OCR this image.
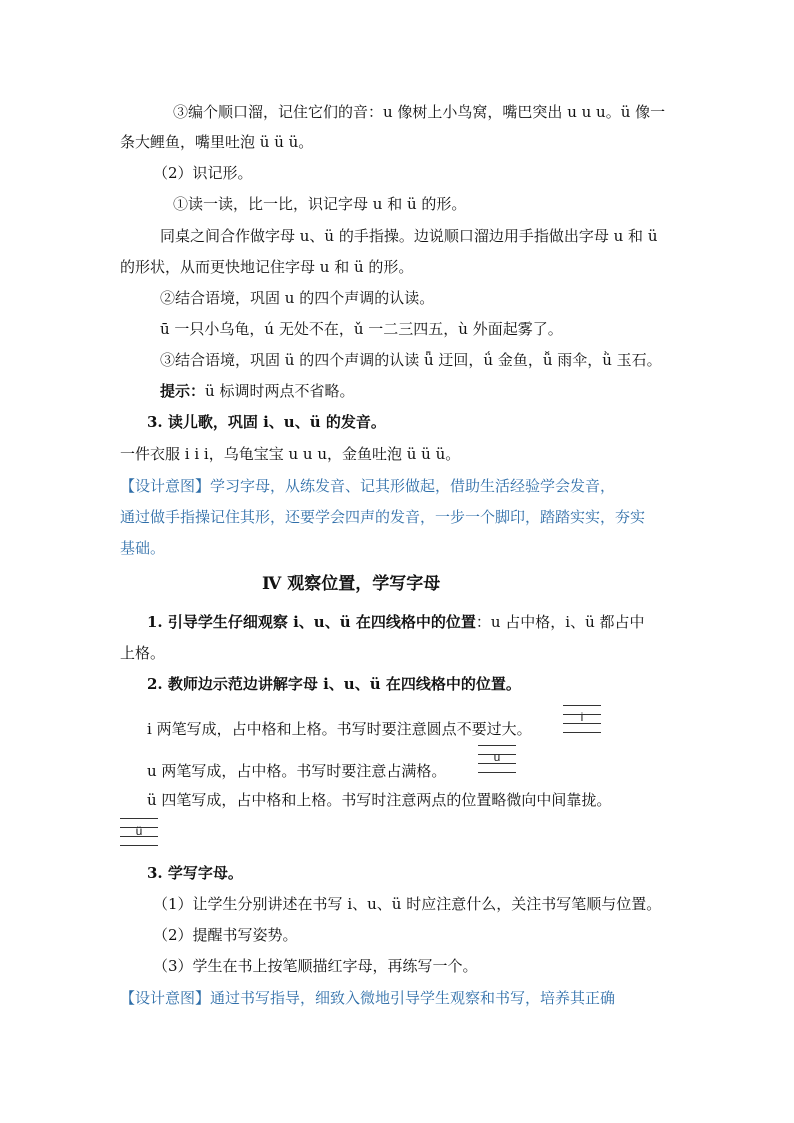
③编个顺口溜，记住它们的音：u 像树上小鸟窝，嘴巴突出 u u u。ü 像一
条大鲤鱼，嘴里吐泡 ü ü ü。
（2）识记形。
①读一读，比一比，识记字母 u 和 ü 的形。
同桌之间合作做字母 u、ü 的手指操。边说顺口溜边用手指做出字母 u 和 ü
的形状，从而更快地记住字母 u 和 ü 的形。
②结合语境，巩固 u 的四个声调的认读。
ū 一只小乌龟，ú 无处不在，ǔ 一二三四五，ù 外面起雾了。
③结合语境，巩固 ü 的四个声调的认读 ǖ 迂回，ǘ 金鱼，ǚ 雨伞，ǜ 玉石。
提示：ü 标调时两点不省略。
3. 读儿歌，巩固 i、u、ü 的发音。
一件衣服 i i i，乌龟宝宝 u u u，金鱼吐泡 ü ü ü。
【设计意图】学习字母，从练发音、记其形做起，借助生活经验学会发音，
通过做手指操记住其形，还要学会四声的发音，一步一个脚印，踏踏实实，夯实
基础。
Ⅳ 观察位置，学写字母
1. 引导学生仔细观察 i、u、ü 在四线格中的位置：u 占中格，i、ü 都占中
上格。
2. 教师边示范边讲解字母 i、u、ü 在四线格中的位置。
i 两笔写成，占中格和上格。书写时要注意圆点不要过大。
u 两笔写成，占中格。书写时要注意占满格。
ü 四笔写成，占中格和上格。书写时注意两点的位置略微向中间靠拢。
3. 学写字母。
（1）让学生分别讲述在书写 i、u、ü 时应注意什么，关注书写笔顺与位置。
（2）提醒书写姿势。
（3）学生在书上按笔顺描红字母，再练写一个。
【设计意图】通过书写指导，细致入微地引导学生观察和书写，培养其正确
i
u
ü
